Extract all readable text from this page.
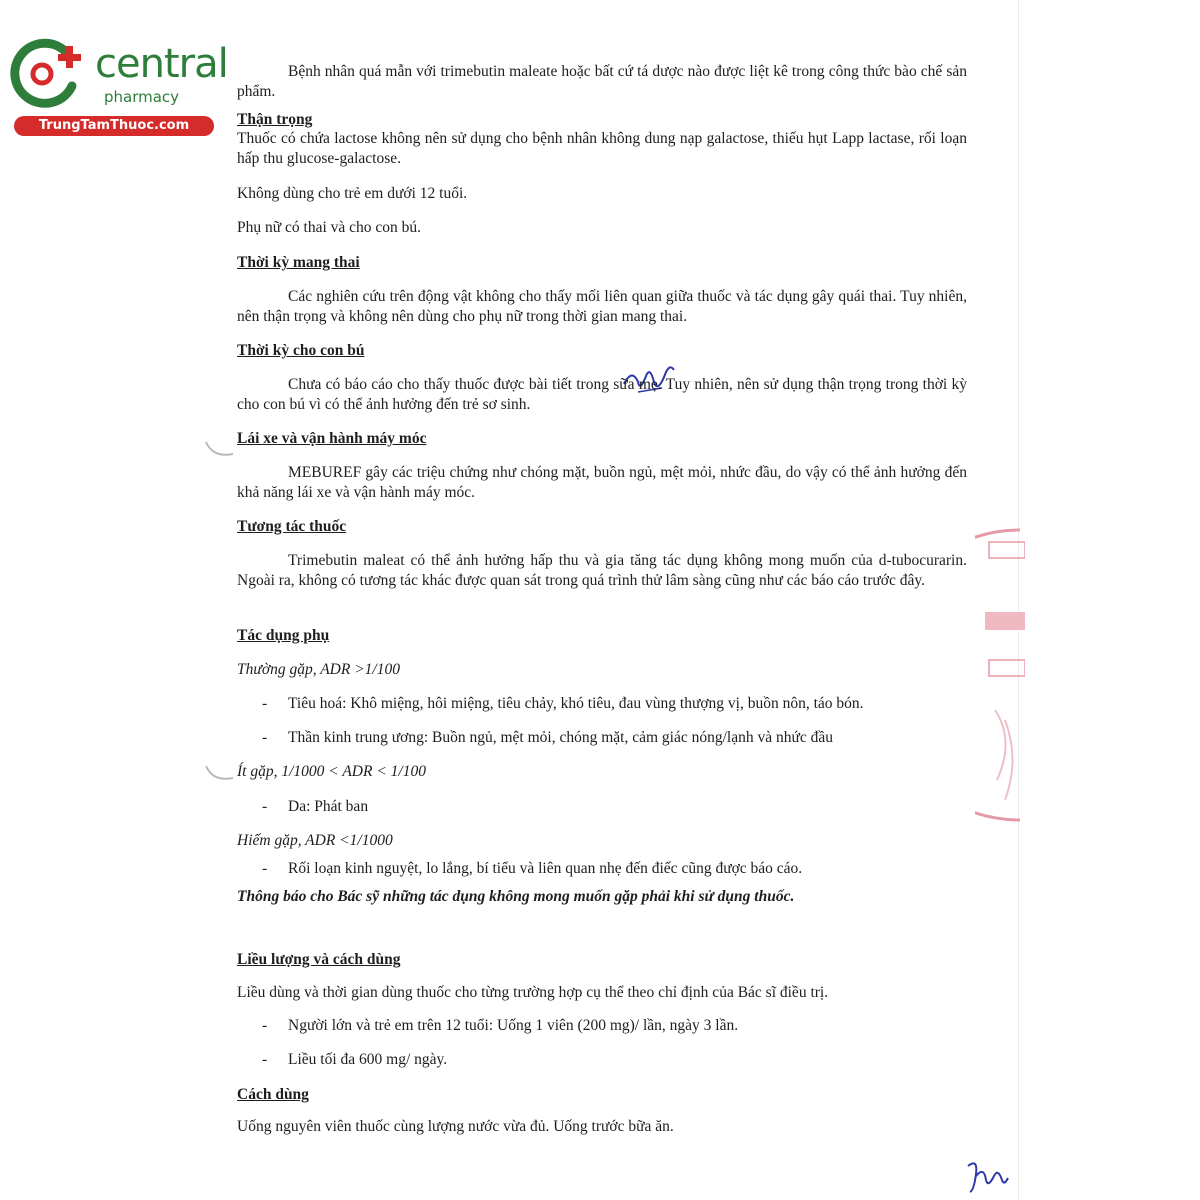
central
pharmacy
TrungTamThuoc.com

Bệnh nhân quá mẫn với trimebutin maleate hoặc bất cứ tá dược nào được liệt kê trong công thức bào chế sản phẩm.

Thận trọng

Thuốc có chứa lactose không nên sử dụng cho bệnh nhân không dung nạp galactose, thiếu hụt Lapp lactase, rối loạn hấp thu glucose-galactose.

Không dùng cho trẻ em dưới 12 tuổi.

Phụ nữ có thai và cho con bú.

Thời kỳ mang thai

Các nghiên cứu trên động vật không cho thấy mối liên quan giữa thuốc và tác dụng gây quái thai. Tuy nhiên, nên thận trọng và không nên dùng cho phụ nữ trong thời gian mang thai.

Thời kỳ cho con bú

Chưa có báo cáo cho thấy thuốc được bài tiết trong sữa mẹ. Tuy nhiên, nên sử dụng thận trọng trong thời kỳ cho con bú vì có thể ảnh hưởng đến trẻ sơ sinh.

Lái xe và vận hành máy móc

MEBUREF gây các triệu chứng như chóng mặt, buồn ngủ, mệt mỏi, nhức đầu, do vậy có thể ảnh hưởng đến khả năng lái xe và vận hành máy móc.

Tương tác thuốc

Trimebutin maleat có thể ảnh hưởng hấp thu và gia tăng tác dụng không mong muốn của d-tubocurarin. Ngoài ra, không có tương tác khác được quan sát trong quá trình thử lâm sàng cũng như các báo cáo trước đây.

Tác dụng phụ
Thường gặp, ADR >1/100
- Tiêu hoá: Khô miệng, hôi miệng, tiêu chảy, khó tiêu, đau vùng thượng vị, buồn nôn, táo bón.
- Thần kinh trung ương: Buồn ngủ, mệt mỏi, chóng mặt, cảm giác nóng/lạnh và nhức đầu
Ít gặp, 1/1000 < ADR < 1/100
- Da: Phát ban
Hiếm gặp, ADR <1/1000
- Rối loạn kinh nguyệt, lo lắng, bí tiểu và liên quan nhẹ đến điếc cũng được báo cáo.
Thông báo cho Bác sỹ những tác dụng không mong muốn gặp phải khi sử dụng thuốc.
Liều lượng và cách dùng

Liều dùng và thời gian dùng thuốc cho từng trường hợp cụ thể theo chỉ định của Bác sĩ điều trị.

- Người lớn và trẻ em trên 12 tuổi: Uống 1 viên (200 mg)/ lần, ngày 3 lần.
- Liều tối đa 600 mg/ ngày.
Cách dùng

Uống nguyên viên thuốc cùng lượng nước vừa đủ. Uống trước bữa ăn.
